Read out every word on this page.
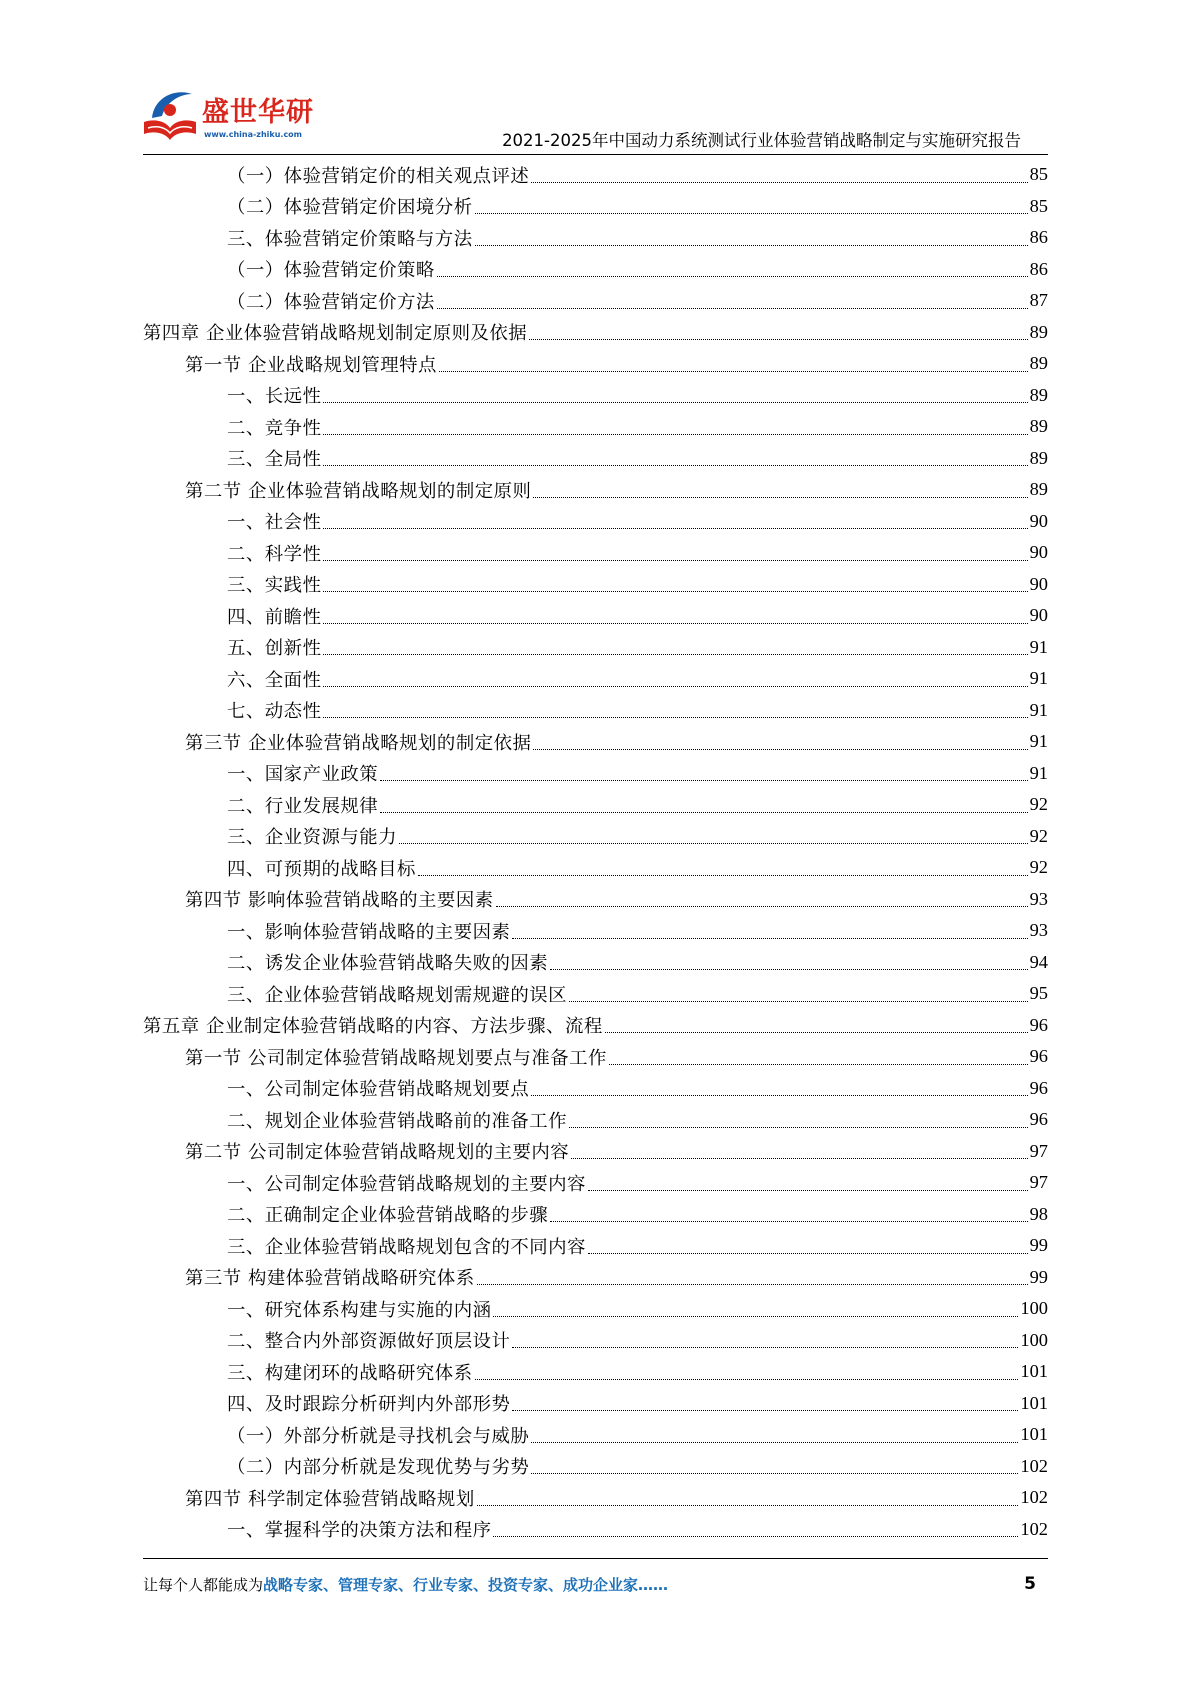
盛世华研
www.china-zhiku.com	2021-2025年中国动力系统测试行业体验营销战略制定与实施研究报告
（一）体验营销定价的相关观点评述	85
（二）体验营销定价困境分析	85
三、体验营销定价策略与方法	86
（一）体验营销定价策略	86
（二）体验营销定价方法	87
第四章 企业体验营销战略规划制定原则及依据	89
第一节 企业战略规划管理特点	89
一、长远性	89
二、竞争性	89
三、全局性	89
第二节 企业体验营销战略规划的制定原则	89
一、社会性	90
二、科学性	90
三、实践性	90
四、前瞻性	90
五、创新性	91
六、全面性	91
七、动态性	91
第三节 企业体验营销战略规划的制定依据	91
一、国家产业政策	91
二、行业发展规律	92
三、企业资源与能力	92
四、可预期的战略目标	92
第四节 影响体验营销战略的主要因素	93
一、影响体验营销战略的主要因素	93
二、诱发企业体验营销战略失败的因素	94
三、企业体验营销战略规划需规避的误区	95
第五章 企业制定体验营销战略的内容、方法步骤、流程	96
第一节 公司制定体验营销战略规划要点与准备工作	96
一、公司制定体验营销战略规划要点	96
二、规划企业体验营销战略前的准备工作	96
第二节 公司制定体验营销战略规划的主要内容	97
一、公司制定体验营销战略规划的主要内容	97
二、正确制定企业体验营销战略的步骤	98
三、企业体验营销战略规划包含的不同内容	99
第三节 构建体验营销战略研究体系	99
一、研究体系构建与实施的内涵	100
二、整合内外部资源做好顶层设计	100
三、构建闭环的战略研究体系	101
四、及时跟踪分析研判内外部形势	101
（一）外部分析就是寻找机会与威胁	101
（二）内部分析就是发现优势与劣势	102
第四节 科学制定体验营销战略规划	102
一、掌握科学的决策方法和程序	102
让每个人都能成为战略专家、管理专家、行业专家、投资专家、成功企业家……	5
